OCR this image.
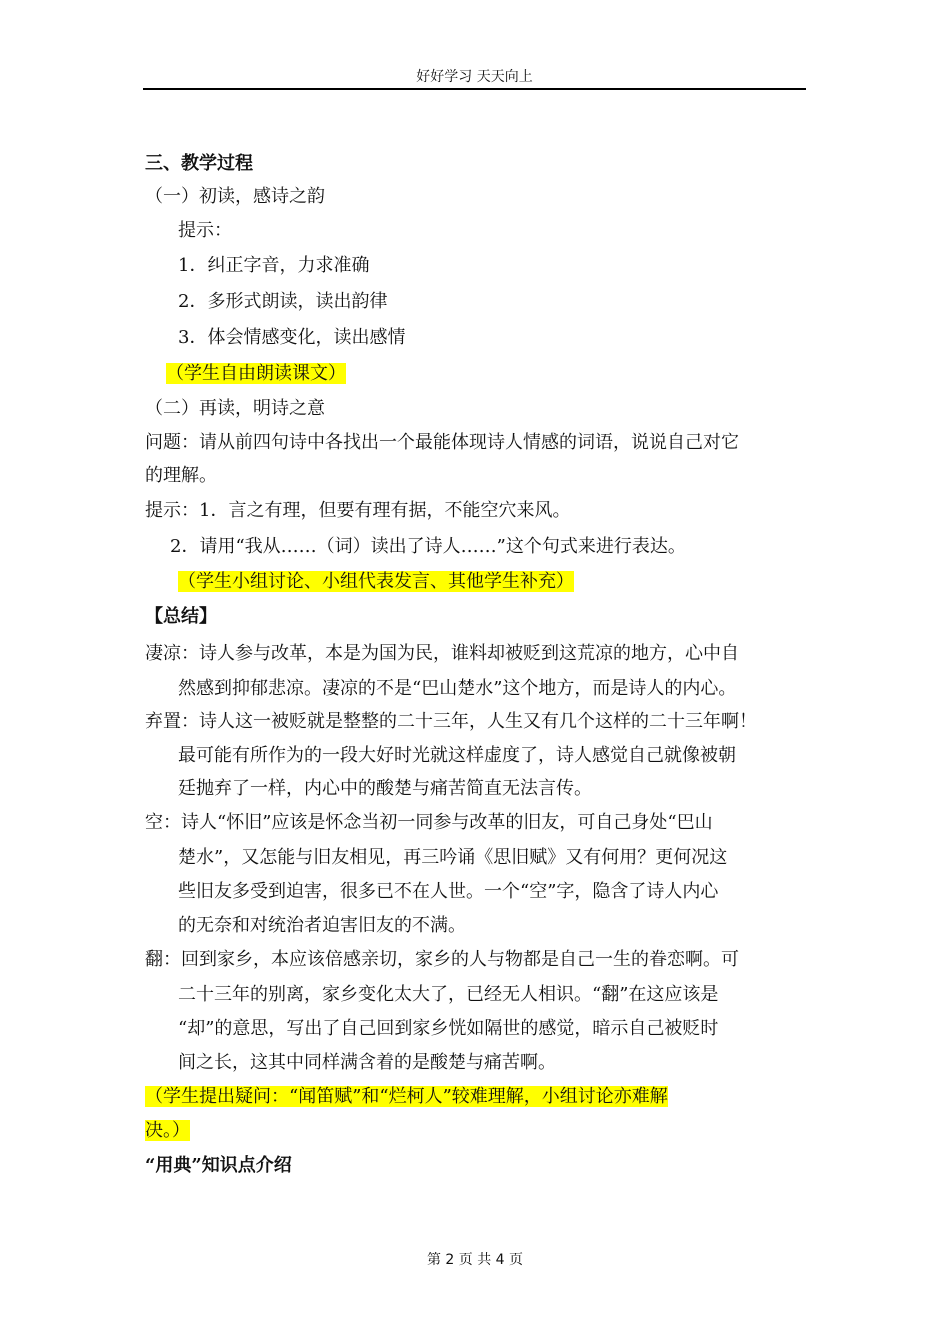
好好学习 天天向上
三、教学过程
（一）初读，感诗之韵
提示：
1．纠正字音，力求准确
2．多形式朗读，读出韵律
3．体会情感变化，读出感情
（学生自由朗读课文）
（二）再读，明诗之意
问题：请从前四句诗中各找出一个最能体现诗人情感的词语，说说自己对它
的理解。
提示：1．言之有理，但要有理有据，不能空穴来风。
2．请用“我从……（词）读出了诗人……”这个句式来进行表达。
（学生小组讨论、小组代表发言、其他学生补充）
【总结】
凄凉：诗人参与改革，本是为国为民，谁料却被贬到这荒凉的地方，心中自
然感到抑郁悲凉。凄凉的不是“巴山楚水”这个地方，而是诗人的内心。
弃置：诗人这一被贬就是整整的二十三年，人生又有几个这样的二十三年啊！
最可能有所作为的一段大好时光就这样虚度了，诗人感觉自己就像被朝
廷抛弃了一样，内心中的酸楚与痛苦简直无法言传。
空：诗人“怀旧”应该是怀念当初一同参与改革的旧友，可自己身处“巴山
楚水”，又怎能与旧友相见，再三吟诵《思旧赋》又有何用？更何况这
些旧友多受到迫害，很多已不在人世。一个“空”字，隐含了诗人内心
的无奈和对统治者迫害旧友的不满。
翻：回到家乡，本应该倍感亲切，家乡的人与物都是自己一生的眷恋啊。可
二十三年的别离，家乡变化太大了，已经无人相识。“翻”在这应该是
“却”的意思，写出了自己回到家乡恍如隔世的感觉，暗示自己被贬时
间之长，这其中同样满含着的是酸楚与痛苦啊。
（学生提出疑问：“闻笛赋”和“烂柯人”较难理解，小组讨论亦难解
决。）
“用典”知识点介绍
第 2 页 共 4 页
